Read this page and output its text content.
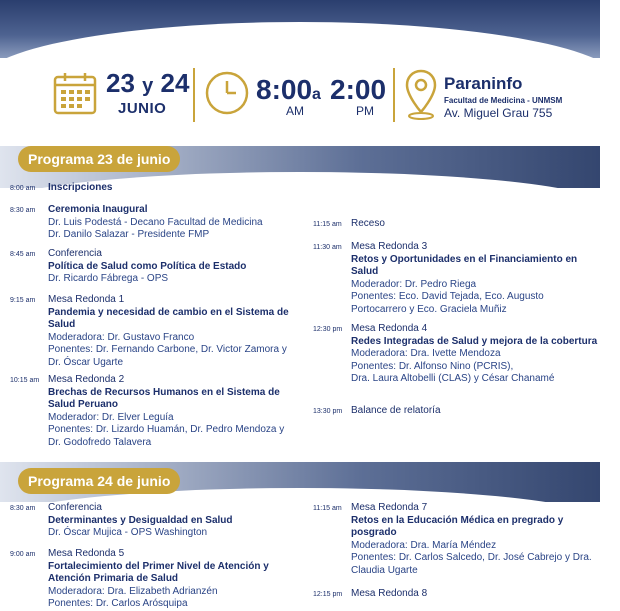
23 y 24
JUNIO
8:00
AM
a 2:00
PM
Paraninfo
Facultad de Medicina - UNMSM
Av. Miguel Grau 755
Programa 23 de junio
Programa 24 de junio
8:00 am Inscripciones
8:30 am Ceremonia Inaugural
Dr. Luis Podestá - Decano Facultad de Medicina
Dr. Danilo Salazar - Presidente FMP
8:45 am Conferencia
Política de Salud como Política de Estado
Dr. Ricardo Fábrega - OPS
9:15 am Mesa Redonda 1
Pandemia y necesidad de cambio en el Sistema de Salud
Moderadora: Dr. Gustavo Franco
Ponentes: Dr. Fernando Carbone, Dr. Victor Zamora y Dr. Óscar Ugarte
10:15 am Mesa Redonda 2
Brechas de Recursos Humanos en el Sistema de Salud Peruano
Moderador: Dr. Elver Leguía
Ponentes: Dr. Lizardo Huamán, Dr. Pedro Mendoza y Dr. Godofredo Talavera
11:15 am Receso
11:30 am Mesa Redonda 3
Retos y Oportunidades en el Financiamiento en Salud
Moderador: Dr. Pedro Riega
Ponentes: Eco. David Tejada, Eco. Augusto Portocarrero y Eco. Graciela Muñiz
12:30 pm Mesa Redonda 4
Redes Integradas de Salud y mejora de la cobertura
Moderadora: Dra. Ivette Mendoza
Ponentes: Dr. Alfonso Nino (PCRIS),
Dra. Laura Altobelli (CLAS) y César Chanamé
13:30 pm Balance de relatoría
8:30 am Conferencia
Determinantes y Desigualdad en Salud
Dr. Óscar Mujica - OPS Washington
9:00 am Mesa Redonda 5
Fortalecimiento del Primer Nivel de Atención y Atención Primaria de Salud
Moderadora: Dra. Elizabeth Adrianzén
Ponentes: Dr. Carlos Arósquipa
11:15 am Mesa Redonda 7
Retos en la Educación Médica en pregrado y posgrado
Moderadora: Dra. María Méndez
Ponentes: Dr. Carlos Salcedo, Dr. José Cabrejo y Dra. Claudia Ugarte
12:15 pm Mesa Redonda 8
